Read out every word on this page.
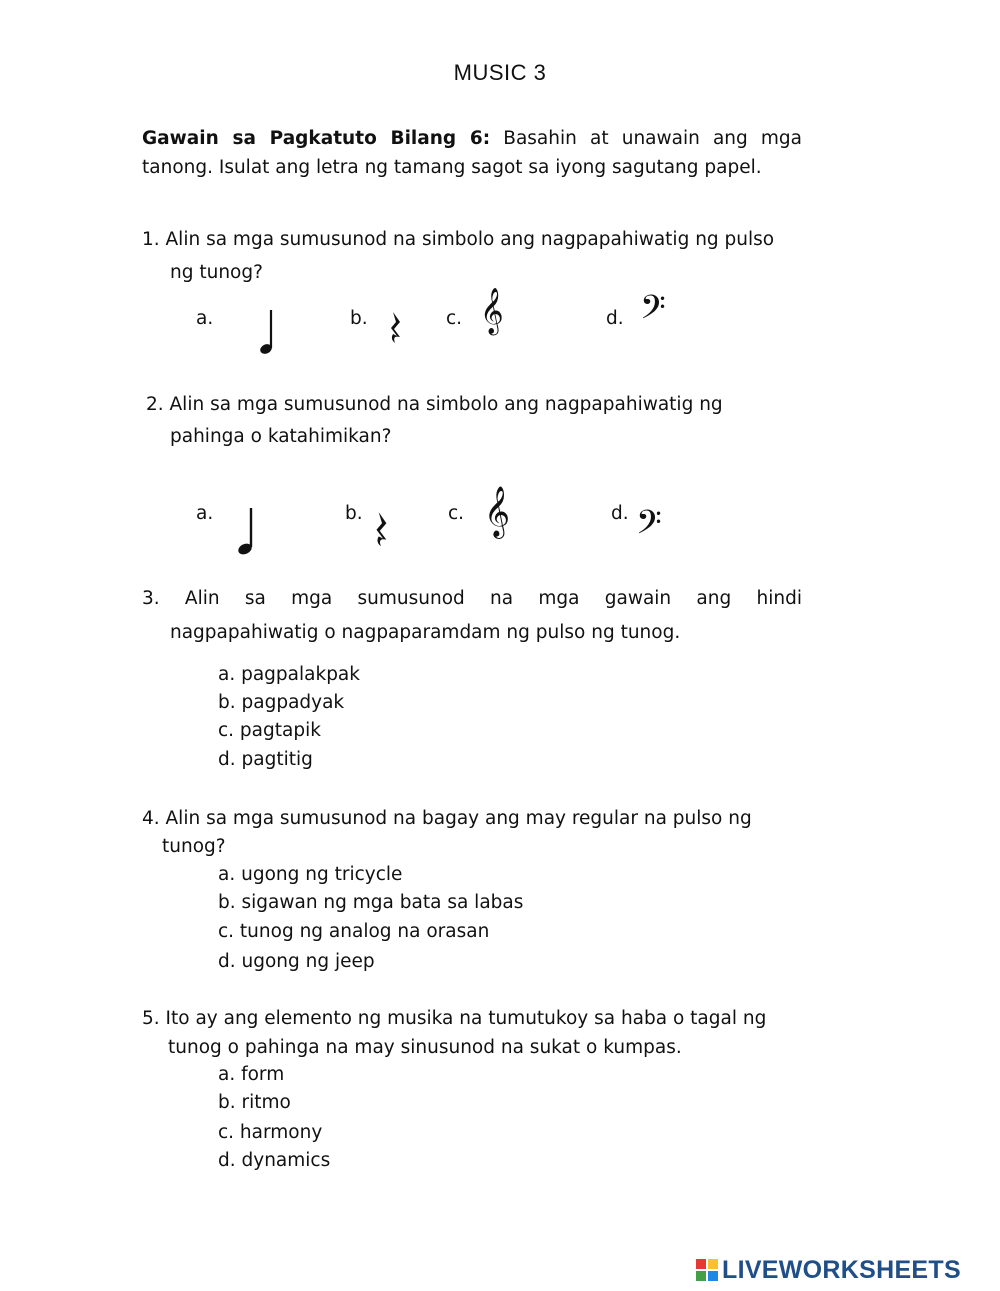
MUSIC 3
Gawain sa Pagkatuto Bilang 6: Basahin at unawain ang mga
tanong. Isulat ang letra ng tamang sagot sa iyong sagutang papel.
1. Alin sa mga sumusunod na simbolo ang nagpapahiwatig ng pulso
ng tunog?
a.	b.	c. 𝄞	d. 𝄢
2. Alin sa mga sumusunod na simbolo ang nagpapahiwatig ng
pahinga o katahimikan?
a.	b.	c. 𝄞	d. 𝄢
3. Alin sa mga sumusunod na mga gawain ang hindi
nagpapahiwatig o nagpaparamdam ng pulso ng tunog.
a. pagpalakpak
b. pagpadyak
c. pagtapik
d. pagtitig
4. Alin sa mga sumusunod na bagay ang may regular na pulso ng
tunog?
a. ugong ng tricycle
b. sigawan ng mga bata sa labas
c. tunog ng analog na orasan
d. ugong ng jeep
5. Ito ay ang elemento ng musika na tumutukoy sa haba o tagal ng
tunog o pahinga na may sinusunod na sukat o kumpas.
a. form
b. ritmo
c. harmony
d. dynamics
LIVEWORKSHEETS
